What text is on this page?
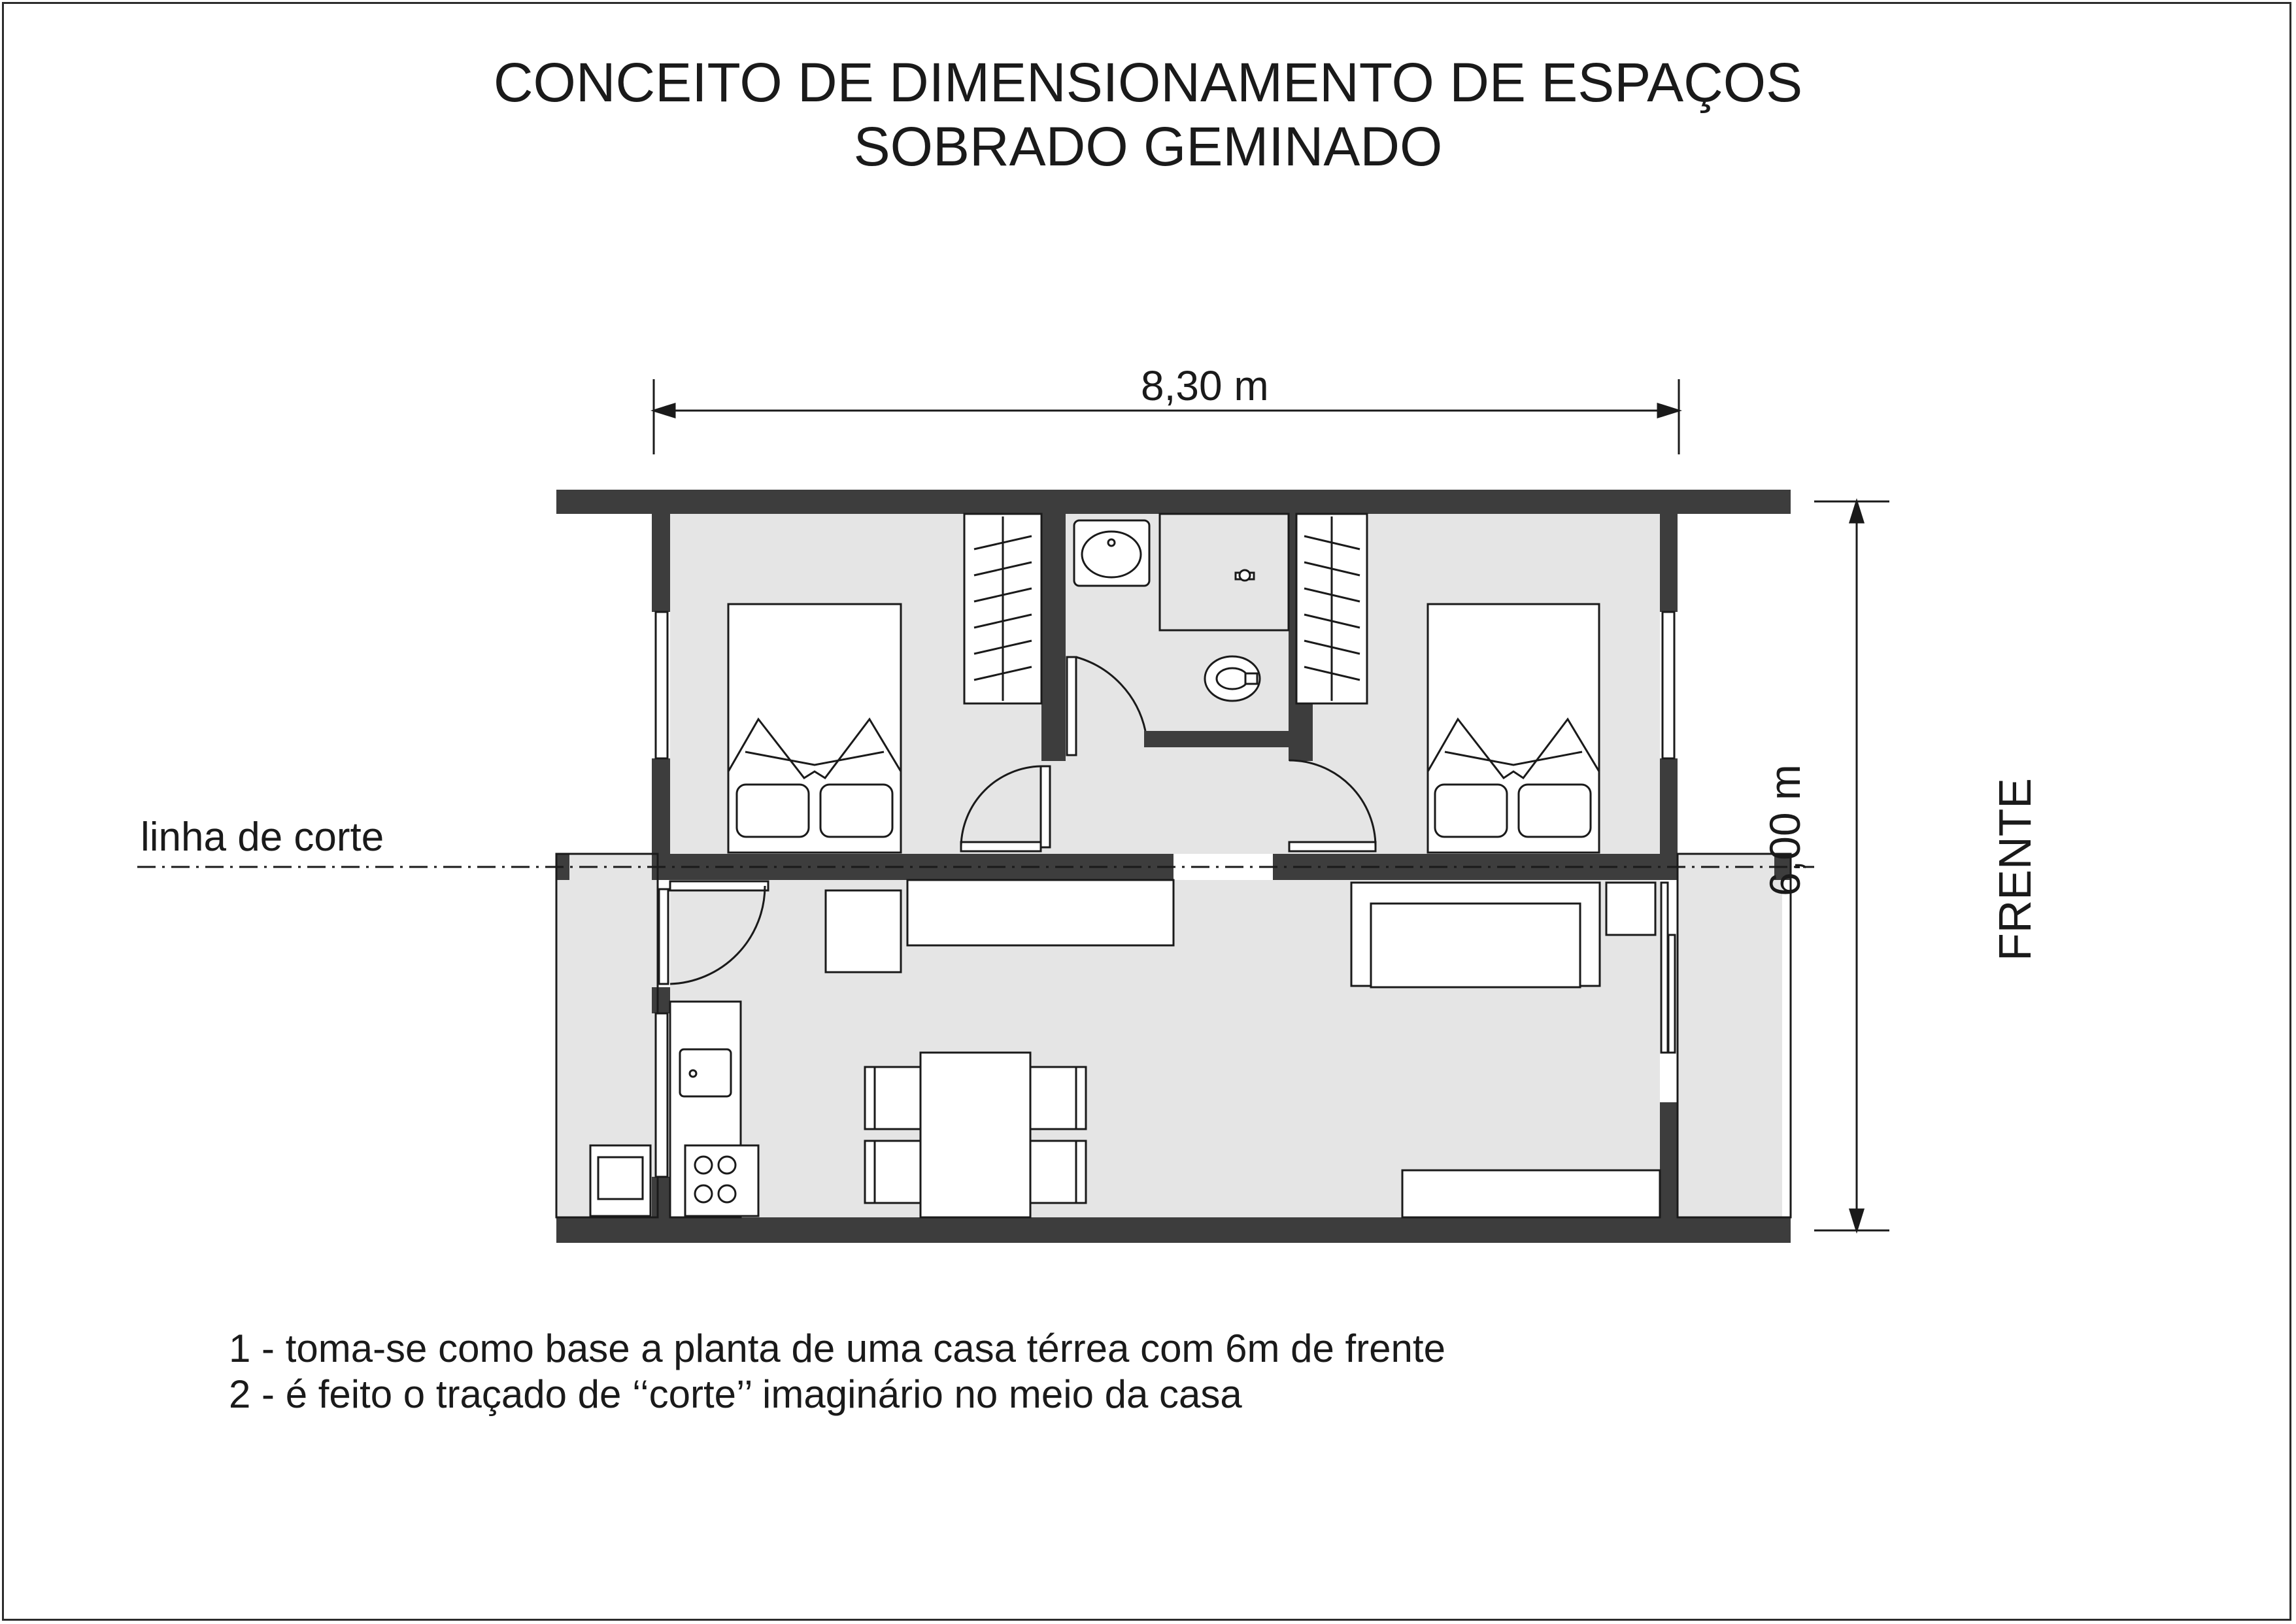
CONCEITO DE DIMENSIONAMENTO DE ESPAÇOS
SOBRADO GEMINADO
linha de corte
8,30 m
6,00 m	FRENTE
1 - toma-se como base a planta de uma casa térrea com 6m de frente
2 - é feito o traçado de ‘‘corte’’ imaginário no meio da casa
